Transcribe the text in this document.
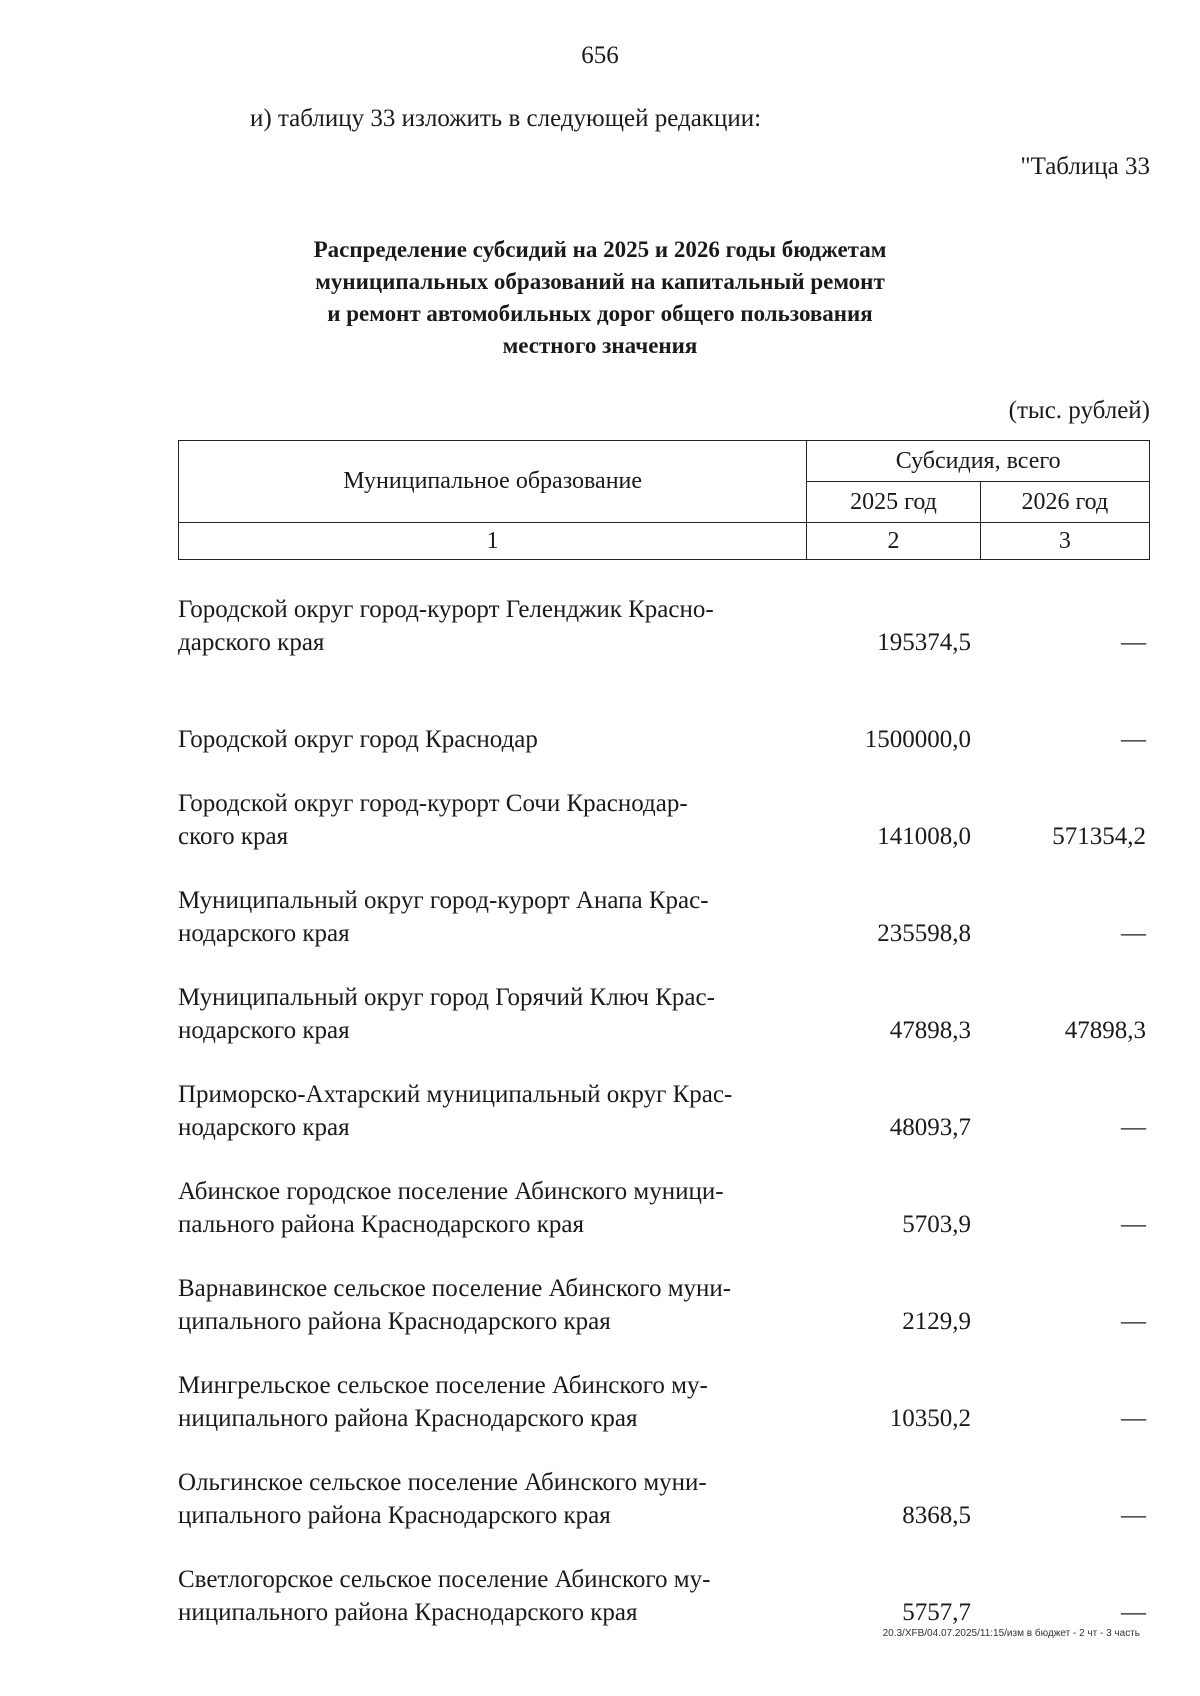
656
и) таблицу 33 изложить в следующей редакции:
"Таблица 33
Распределение субсидий на 2025 и 2026 годы бюджетам
муниципальных образований на капитальный ремонт
и ремонт автомобильных дорог общего пользования
местного значения
(тыс. рублей)
Муниципальное образование	Субсидия, всего	
	2025 год	2026 год
1	2	3
Городской округ город-курорт Геленджик Красно-
дарского края	195374,5	—
Городской округ город Краснодар	1500000,0	—
Городской округ город-курорт Сочи Краснодар-
ского края	141008,0	571354,2
Муниципальный округ город-курорт Анапа Крас-
нодарского края	235598,8	—
Муниципальный округ город Горячий Ключ Крас-
нодарского края	47898,3	47898,3
Приморско-Ахтарский муниципальный округ Крас-
нодарского края	48093,7	—
Абинское городское поселение Абинского муници-
пального района Краснодарского края	5703,9	—
Варнавинское сельское поселение Абинского муни-
ципального района Краснодарского края	2129,9	—
Мингрельское сельское поселение Абинского му-
ниципального района Краснодарского края	10350,2	—
Ольгинское сельское поселение Абинского муни-
ципального района Краснодарского края	8368,5	—
Светлогорское сельское поселение Абинского му-
ниципального района Краснодарского края	5757,7	—
20.3/XFB/04.07.2025/11:15/изм в бюджет - 2 чт - 3 часть
